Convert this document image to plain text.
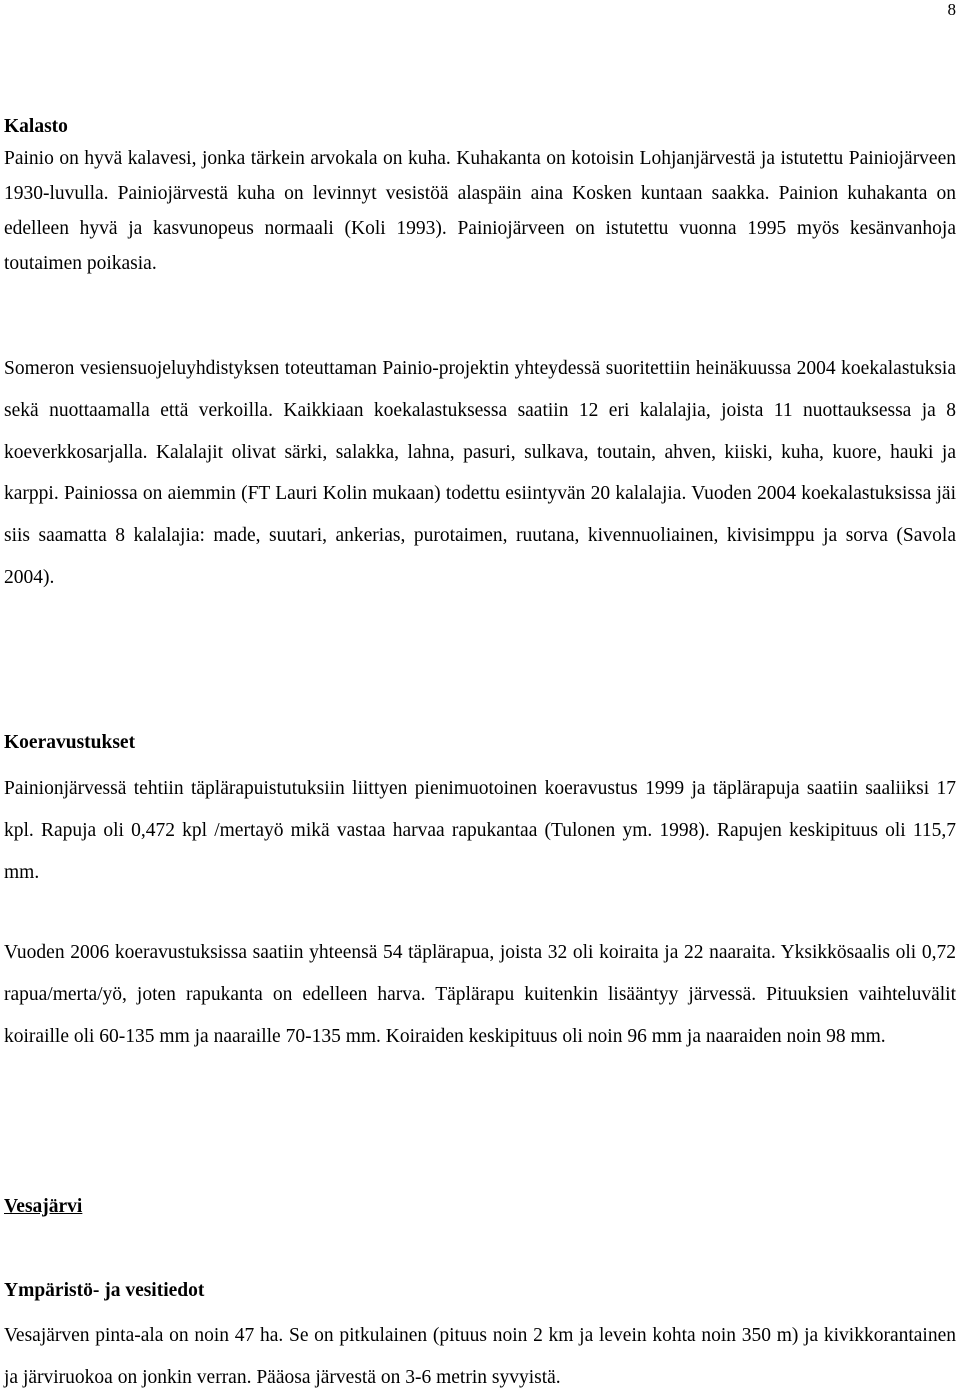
8
Kalasto

Painio on hyvä kalavesi, jonka tärkein arvokala on kuha. Kuhakanta on kotoisin Lohjanjärvestä ja istutettu Painiojärveen 1930-luvulla. Painiojärvestä kuha on levinnyt vesistöä alaspäin aina Kosken kuntaan saakka. Painion kuhakanta on edelleen hyvä ja kasvunopeus normaali (Koli 1993). Painiojärveen on istutettu vuonna 1995 myös kesänvanhoja toutaimen poikasia.

Someron vesiensuojeluyhdistyksen toteuttaman Painio-projektin yhteydessä suoritettiin heinäkuussa 2004 koekalastuksia sekä nuottaamalla että verkoilla. Kaikkiaan koekalastuksessa saatiin 12 eri kalalajia, joista 11 nuottauksessa ja 8 koeverkkosarjalla. Kalalajit olivat särki, salakka, lahna, pasuri, sulkava, toutain, ahven, kiiski, kuha, kuore, hauki ja karppi. Painiossa on aiemmin (FT Lauri Kolin mukaan) todettu esiintyvän 20 kalalajia. Vuoden 2004 koekalastuksissa jäi siis saamatta 8 kalalajia: made, suutari, ankerias, purotaimen, ruutana, kivennuoliainen, kivisimppu ja sorva (Savola 2004).

Koeravustukset

Painionjärvessä tehtiin täplärapuistutuksiin liittyen pienimuotoinen koeravustus 1999 ja täplärapuja saatiin saaliiksi 17 kpl. Rapuja oli 0,472 kpl /mertayö mikä vastaa harvaa rapukantaa (Tulonen ym. 1998). Rapujen keskipituus oli 115,7 mm.

Vuoden 2006 koeravustuksissa saatiin yhteensä 54 täplärapua, joista 32 oli koiraita ja 22 naaraita. Yksikkösaalis oli 0,72 rapua/merta/yö, joten rapukanta on edelleen harva. Täplärapu kuitenkin lisääntyy järvessä. Pituuksien vaihteluvälit koiraille oli 60-135 mm ja naaraille 70-135 mm. Koiraiden keskipituus oli noin 96 mm ja naaraiden noin 98 mm.

Vesajärvi
Ympäristö- ja vesitiedot

Vesajärven pinta-ala on noin 47 ha. Se on pitkulainen (pituus noin 2 km ja levein kohta noin 350 m) ja kivikkorantainen ja järviruokoa on jonkin verran. Pääosa järvestä on 3-6 metrin syvyistä.
